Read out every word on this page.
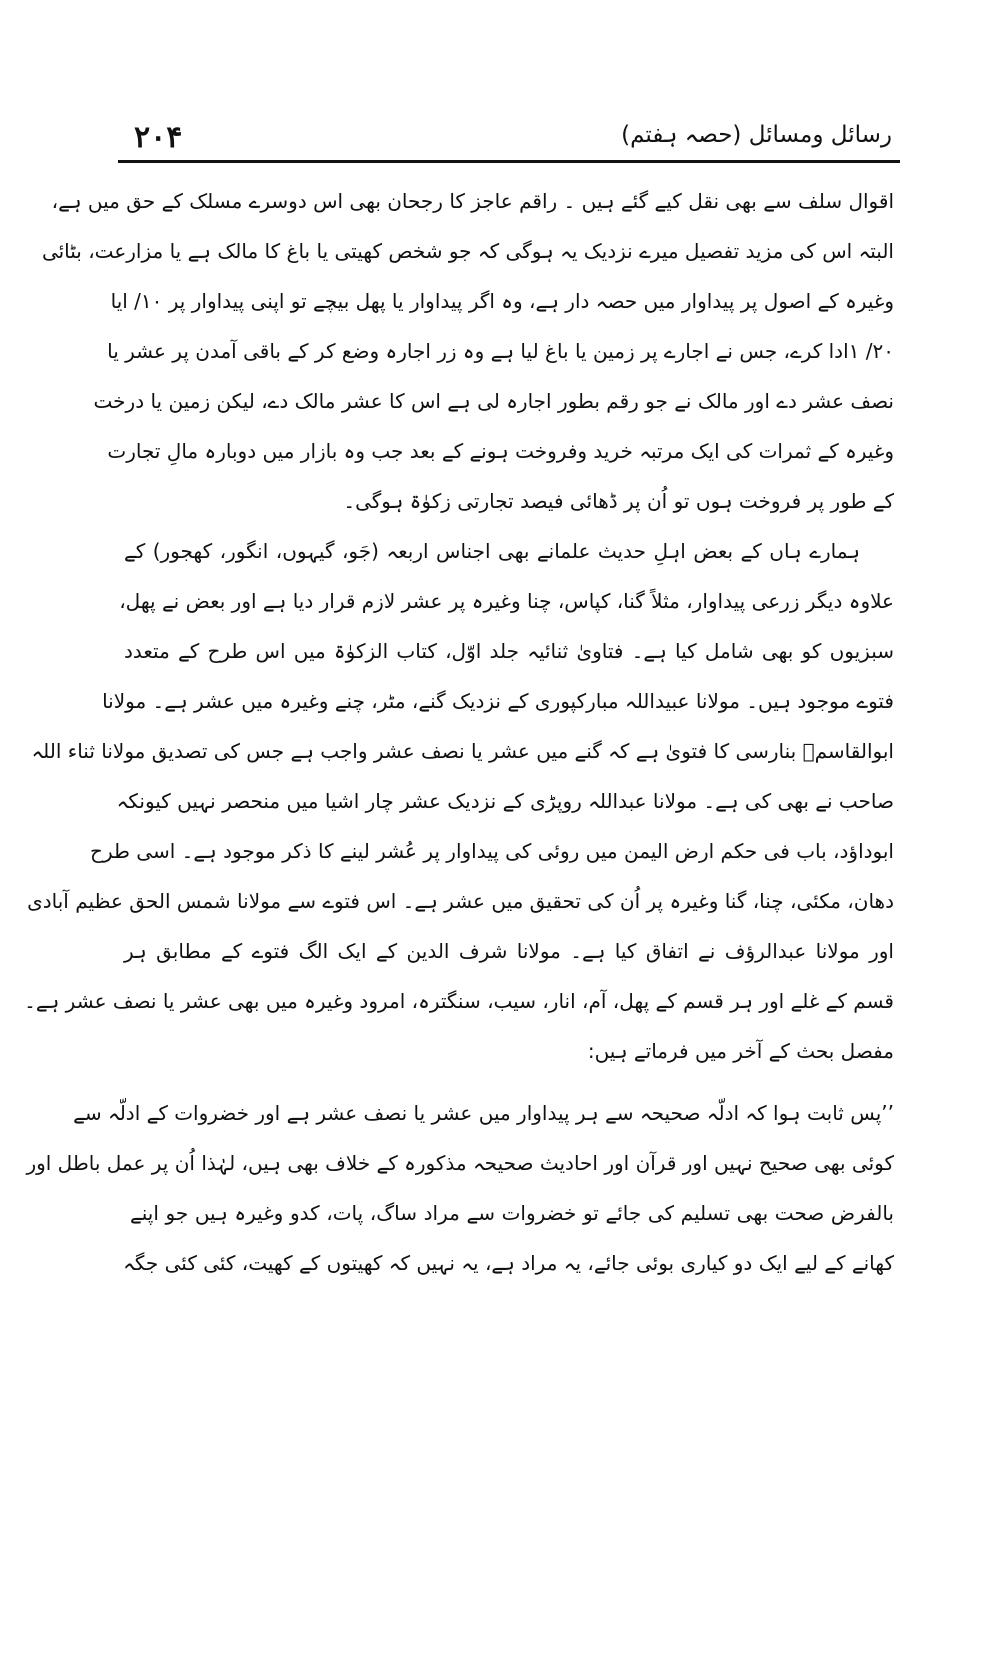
۲۰۴	رسائل ومسائل (حصہ ہفتم)
اقوال سلف سے بھی نقل کیے گئے ہیں ۔ راقم عاجز کا رجحان بھی اس دوسرے مسلک کے حق میں ہے،
البتہ اس کی مزید تفصیل میرے نزدیک یہ ہوگی کہ جو شخص کھیتی یا باغ کا مالک ہے یا مزارعت، بٹائی
وغیرہ کے اصول پر پیداوار میں حصہ دار ہے، وہ اگر پیداوار یا پھل بیچے تو اپنی پیداوار پر ۱۰/ ایا
۲۰/ ۱ادا کرے، جس نے اجارے پر زمین یا باغ لیا ہے وہ زر اجارہ وضع کر کے باقی آمدن پر عشر یا
نصف عشر دے اور مالک نے جو رقم بطور اجارہ لی ہے اس کا عشر مالک دے، لیکن زمین یا درخت
وغیرہ کے ثمرات کی ایک مرتبہ خرید وفروخت ہونے کے بعد جب وہ بازار میں دوبارہ مالِ تجارت
کے طور پر فروخت ہوں تو اُن پر ڈھائی فیصد تجارتی زکوٰۃ ہوگی۔
ہمارے ہاں کے بعض اہلِ حدیث علمانے بھی اجناس اربعہ (جَو، گیہوں، انگور، کھجور) کے
علاوہ دیگر زرعی پیداوار، مثلاً گنا، کپاس، چنا وغیرہ پر عشر لازم قرار دیا ہے اور بعض نے پھل،
سبزیوں کو بھی شامل کیا ہے۔ فتاویٰ ثنائیہ جلد اوّل، کتاب الزکوٰۃ میں اس طرح کے متعدد
فتوے موجود ہیں۔ مولانا عبیداللہ مبارکپوری کے نزدیک گنے، مٹر، چنے وغیرہ میں عشر ہے۔ مولانا
ابوالقاسمؒ بنارسی کا فتویٰ ہے کہ گنے میں عشر یا نصف عشر واجب ہے جس کی تصدیق مولانا ثناء اللہ
صاحب نے بھی کی ہے۔ مولانا عبداللہ روپڑی کے نزدیک عشر چار اشیا میں منحصر نہیں کیونکہ
ابوداؤد، باب فی حکم ارض الیمن میں روئی کی پیداوار پر عُشر لینے کا ذکر موجود ہے۔ اسی طرح
دھان، مکئی، چنا، گنا وغیرہ پر اُن کی تحقیق میں عشر ہے۔ اس فتوے سے مولانا شمس الحق عظیم آبادی
اور مولانا عبدالرؤف نے اتفاق کیا ہے۔ مولانا شرف الدین کے ایک الگ فتوے کے مطابق ہر
قسم کے غلے اور ہر قسم کے پھل، آم، انار، سیب، سنگترہ، امرود وغیرہ میں بھی عشر یا نصف عشر ہے۔
مفصل بحث کے آخر میں فرماتے ہیں:
’’پس ثابت ہوا کہ ادلّہ صحیحہ سے ہر پیداوار میں عشر یا نصف عشر ہے اور خضروات کے ادلّہ سے
کوئی بھی صحیح نہیں اور قرآن اور احادیث صحیحہ مذکورہ کے خلاف بھی ہیں، لہٰذا اُن پر عمل باطل اور
بالفرض صحت بھی تسلیم کی جائے تو خضروات سے مراد ساگ، پات، کدو وغیرہ ہیں جو اپنے
کھانے کے لیے ایک دو کیاری بوئی جائے، یہ مراد ہے، یہ نہیں کہ کھیتوں کے کھیت، کئی کئی جگہ
